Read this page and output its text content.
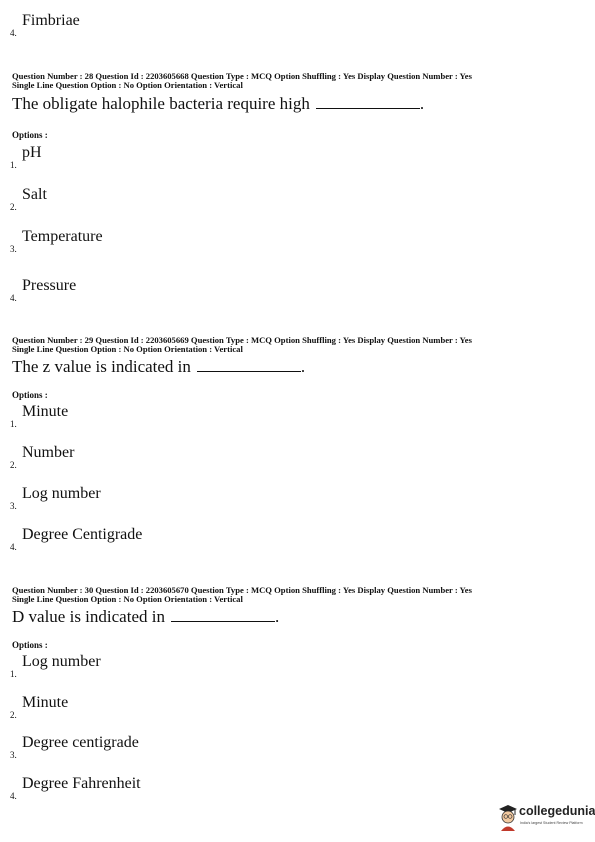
4.
Fimbriae
Question Number : 28 Question Id : 2203605668 Question Type : MCQ Option Shuffling : Yes Display Question Number : Yes
Single Line Question Option : No Option Orientation : Vertical
The obligate halophile bacteria require high	.
Options :
1.
pH
2.
Salt
3.
Temperature
4.
Pressure
Question Number : 29 Question Id : 2203605669 Question Type : MCQ Option Shuffling : Yes Display Question Number : Yes
Single Line Question Option : No Option Orientation : Vertical
The z value is indicated in	.
Options :
1.
Minute
2.
Number
3.
Log number
4.
Degree Centigrade
Question Number : 30 Question Id : 2203605670 Question Type : MCQ Option Shuffling : Yes Display Question Number : Yes
Single Line Question Option : No Option Orientation : Vertical
D value is indicated in	.
Options :
1.
Log number
2.
Minute
3.
Degree centigrade
4.
Degree Fahrenheit
collegedunia
India's largest Student Review Platform
